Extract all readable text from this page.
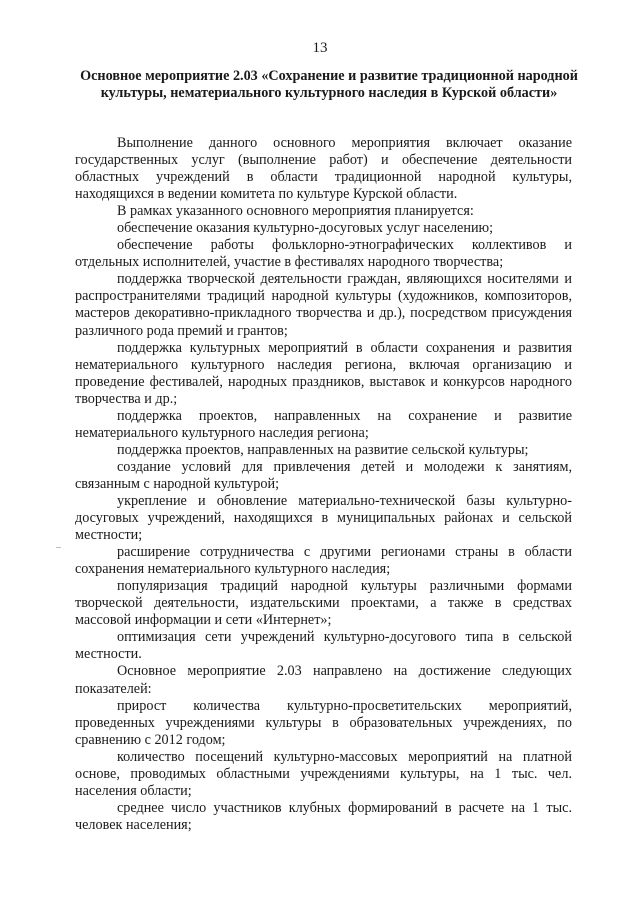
13
Основное мероприятие 2.03 «Сохранение и развитие традиционной народной культуры, нематериального культурного наследия в Курской области»

Выполнение данного основного мероприятия включает оказание государственных услуг (выполнение работ) и обеспечение деятельности областных учреждений в области традиционной народной культуры, находящихся в ведении комитета по культуре Курской области.

В рамках указанного основного мероприятия планируется:

обеспечение оказания культурно-досуговых услуг населению;

обеспечение работы фольклорно-этнографических коллективов и отдельных исполнителей, участие в фестивалях народного творчества;

поддержка творческой деятельности граждан, являющихся носителями и распространителями традиций народной культуры (художников, композиторов, мастеров декоративно-прикладного творчества и др.), посредством присуждения различного рода премий и грантов;

поддержка культурных мероприятий в области сохранения и развития нематериального культурного наследия региона, включая организацию и проведение фестивалей, народных праздников, выставок и конкурсов народного творчества и др.;

поддержка проектов, направленных на сохранение и развитие нематериального культурного наследия региона;

поддержка проектов, направленных на развитие сельской культуры;

создание условий для привлечения детей и молодежи к занятиям, связанным с народной культурой;

укрепление и обновление материально-технической базы культурно-досуговых учреждений, находящихся в муниципальных районах и сельской местности;

расширение сотрудничества с другими регионами страны в области сохранения нематериального культурного наследия;

популяризация традиций народной культуры различными формами творческой деятельности, издательскими проектами, а также в средствах массовой информации и сети «Интернет»;

оптимизация сети учреждений культурно-досугового типа в сельской местности.

Основное мероприятие 2.03 направлено на достижение следующих показателей:

прирост количества культурно-просветительских мероприятий, проведенных учреждениями культуры в образовательных учреждениях, по сравнению с 2012 годом;

количество посещений культурно-массовых мероприятий на платной основе, проводимых областными учреждениями культуры, на 1 тыс. чел. населения области;

среднее число участников клубных формирований в расчете на 1 тыс. человек населения;
